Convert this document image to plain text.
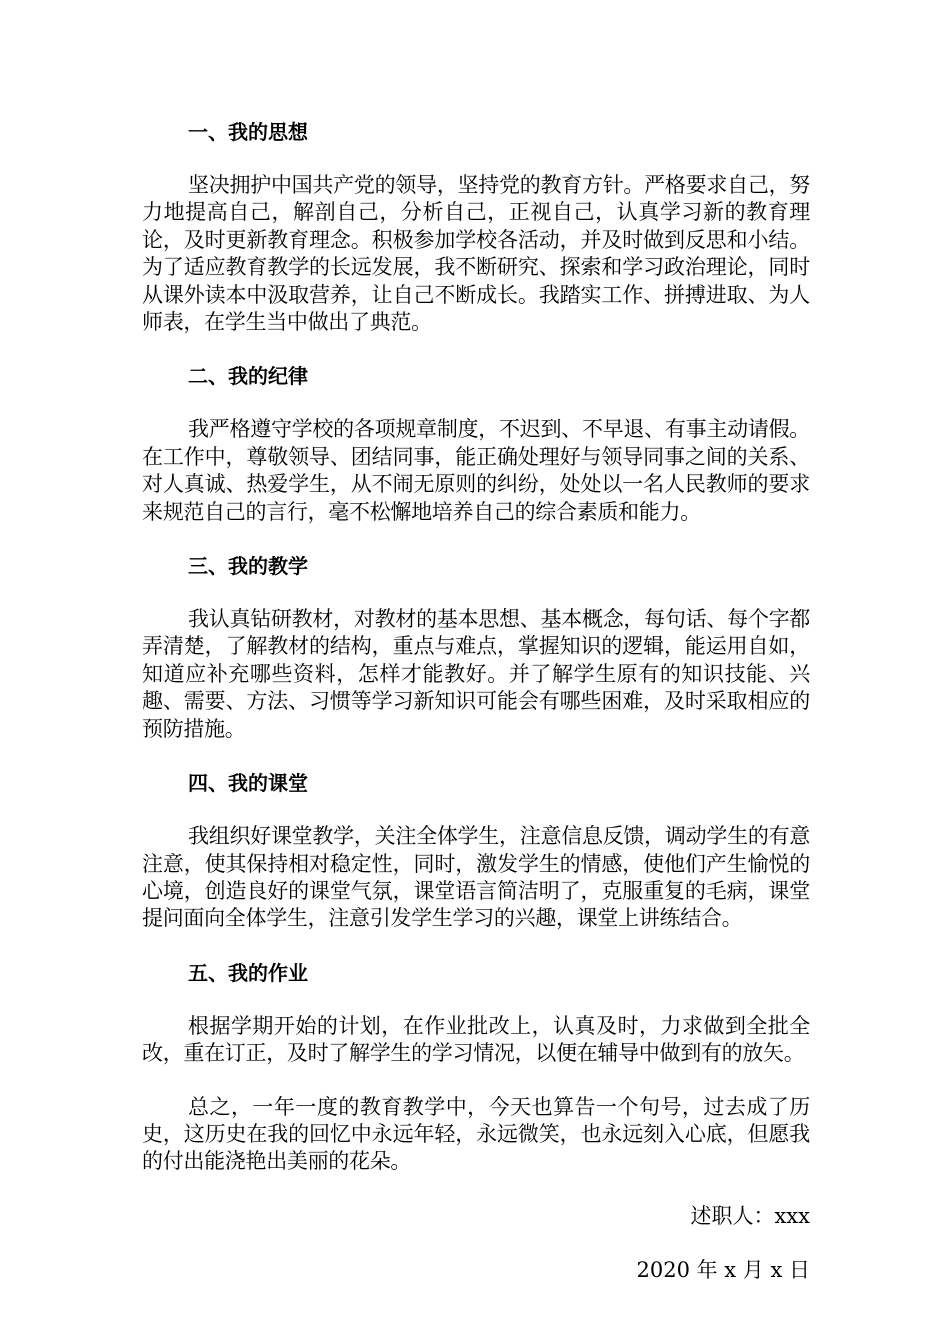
一、我的思想

坚决拥护中国共产党的领导，坚持党的教育方针。严格要求自己，努力地提高自己，解剖自己，分析自己，正视自己，认真学习新的教育理论，及时更新教育理念。积极参加学校各活动，并及时做到反思和小结。为了适应教育教学的长远发展，我不断研究、探索和学习政治理论，同时从课外读本中汲取营养，让自己不断成长。我踏实工作、拼搏进取、为人师表，在学生当中做出了典范。

二、我的纪律

我严格遵守学校的各项规章制度，不迟到、不早退、有事主动请假。在工作中，尊敬领导、团结同事，能正确处理好与领导同事之间的关系、对人真诚、热爱学生，从不闹无原则的纠纷，处处以一名人民教师的要求来规范自己的言行，毫不松懈地培养自己的综合素质和能力。

三、我的教学

我认真钻研教材，对教材的基本思想、基本概念，每句话、每个字都弄清楚，了解教材的结构，重点与难点，掌握知识的逻辑，能运用自如，知道应补充哪些资料，怎样才能教好。并了解学生原有的知识技能、兴趣、需要、方法、习惯等学习新知识可能会有哪些困难，及时采取相应的预防措施。

四、我的课堂

我组织好课堂教学，关注全体学生，注意信息反馈，调动学生的有意注意，使其保持相对稳定性，同时，激发学生的情感，使他们产生愉悦的心境，创造良好的课堂气氛，课堂语言简洁明了，克服重复的毛病，课堂提问面向全体学生，注意引发学生学习的兴趣，课堂上讲练结合。

五、我的作业

根据学期开始的计划，在作业批改上，认真及时，力求做到全批全改，重在订正，及时了解学生的学习情况，以便在辅导中做到有的放矢。

总之，一年一度的教育教学中，今天也算告一个句号，过去成了历史，这历史在我的回忆中永远年轻，永远微笑，也永远刻入心底，但愿我的付出能浇艳出美丽的花朵。

述职人：xxx
2020 年 x 月 x 日
